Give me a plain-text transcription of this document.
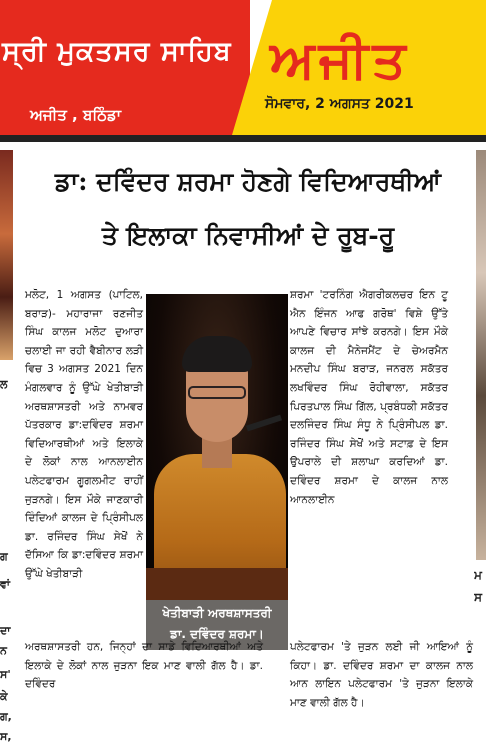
ਸ੍ਰੀ ਮੁਕਤਸਰ ਸਾਹਿਬ
ਅਜੀਤ , ਬਠਿੰਡਾ
ਅਜੀਤ
ਸੋਮਵਾਰ, 2 ਅਗਸਤ 2021
ਲ
ਗ
ਵਾਂ
ਦਾ
ਨ
ਸ'
ਕੇ
ਗ,
ਸ,
ਮ
ਸ
ਡਾ: ਦਵਿੰਦਰ ਸ਼ਰਮਾ ਹੋਣਗੇ ਵਿਦਿਆਰਥੀਆਂ
ਤੇ ਇਲਾਕਾ ਨਿਵਾਸੀਆਂ ਦੇ ਰੂਬ-ਰੂ
ਮਲੋਟ, 1 ਅਗਸਤ (ਪਾਟਿਲ, ਬਰਾੜ)- ਮਹਾਰਾਜਾ ਰਣਜੀਤ ਸਿੰਘ ਕਾਲਜ ਮਲੋਟ ਦੁਆਰਾ ਚਲਾਈ ਜਾ ਰਹੀ ਵੈਬੀਨਾਰ ਲੜੀ ਵਿਚ 3 ਅਗਸਤ 2021 ਦਿਨ ਮੰਗਲਵਾਰ ਨੂੰ ਉੱਘੇ ਖੇਤੀਬਾੜੀ ਅਰਥਸ਼ਾਸਤਰੀ ਅਤੇ ਨਾਮਵਰ ਪੱਤਰਕਾਰ ਡਾ:ਦਵਿੰਦਰ ਸ਼ਰਮਾ ਵਿਦਿਆਰਥੀਆਂ ਅਤੇ ਇਲਾਕੇ ਦੇ ਲੋਕਾਂ ਨਾਲ ਆਨਲਾਈਨ ਪਲੇਟਫਾਰਮ ਗੂਗਲਮੀਟ ਰਾਹੀਂ ਜੁੜਨਗੇ। ਇਸ ਮੌਕੇ ਜਾਣਕਾਰੀ ਦਿੰਦਿਆਂ ਕਾਲਜ ਦੇ ਪ੍ਰਿੰਸੀਪਲ ਡਾ. ਰਜਿੰਦਰ ਸਿੰਘ ਸੇਖੋਂ ਨੇ ਦੱਸਿਆ ਕਿ ਡਾ:ਦਵਿੰਦਰ ਸ਼ਰਮਾ ਉੱਘੇ ਖੇਤੀਬਾੜੀ
ਸ਼ਰਮਾ 'ਟਰਨਿੰਗ ਐਗਰੀਕਲਚਰ ਇਨ ਟੂ ਐਨ ਇੰਜਨ ਆਫ ਗਰੋਥ' ਵਿਸ਼ੇ ਉੱਤੇ ਆਪਣੇ ਵਿਚਾਰ ਸਾਂਝੇ ਕਰਨਗੇ। ਇਸ ਮੌਕੇ ਕਾਲਜ ਦੀ ਮੈਨੇਜਮੈਂਟ ਦੇ ਚੇਅਰਮੈਨ ਮਨਦੀਪ ਸਿੰਘ ਬਰਾੜ, ਜਨਰਲ ਸਕੱਤਰ ਲਖਵਿੰਦਰ ਸਿੰਘ ਰੋਹੀਵਾਲਾ, ਸਕੱਤਰ ਪਿਰਤਪਾਲ ਸਿੰਘ ਗਿੱਲ, ਪ੍ਰਬੰਧਕੀ ਸਕੱਤਰ ਦਲਜਿੰਦਰ ਸਿੰਘ ਸੰਧੂ ਨੇ ਪ੍ਰਿੰਸੀਪਲ ਡਾ. ਰਜਿੰਦਰ ਸਿੰਘ ਸੇਖੋਂ ਅਤੇ ਸਟਾਫ਼ ਦੇ ਇਸ ਉਪਰਾਲੇ ਦੀ ਸ਼ਲਾਘਾ ਕਰਦਿਆਂ ਡਾ. ਦਵਿੰਦਰ ਸ਼ਰਮਾ ਦੇ ਕਾਲਜ ਨਾਲ ਆਨਲਾਈਨ
ਖੇਤੀਬਾੜੀ ਅਰਥਸ਼ਾਸਤਰੀ
ਡਾ. ਦਵਿੰਦਰ ਸ਼ਰਮਾ।
ਅਰਥਸ਼ਾਸਤਰੀ ਹਨ, ਜਿਨ੍ਹਾਂ ਦਾ ਸਾਡੇ ਵਿਦਿਆਰਥੀਆਂ ਅਤੇ ਇਲਾਕੇ ਦੇ ਲੋਕਾਂ ਨਾਲ ਜੁੜਨਾ ਇਕ ਮਾਣ ਵਾਲੀ ਗੱਲ ਹੈ। ਡਾ. ਦਵਿੰਦਰ
ਪਲੇਟਫਾਰਮ 'ਤੇ ਜੁੜਨ ਲਈ ਜੀ ਆਇਆਂ ਨੂੰ ਕਿਹਾ। ਡਾ. ਦਵਿੰਦਰ ਸ਼ਰਮਾ ਦਾ ਕਾਲਜ ਨਾਲ ਆਨ ਲਾਇਨ ਪਲੇਟਫਾਰਮ 'ਤੇ ਜੁੜਨਾ ਇਲਾਕੇ ਮਾਣ ਵਾਲੀ ਗੱਲ ਹੈ।
